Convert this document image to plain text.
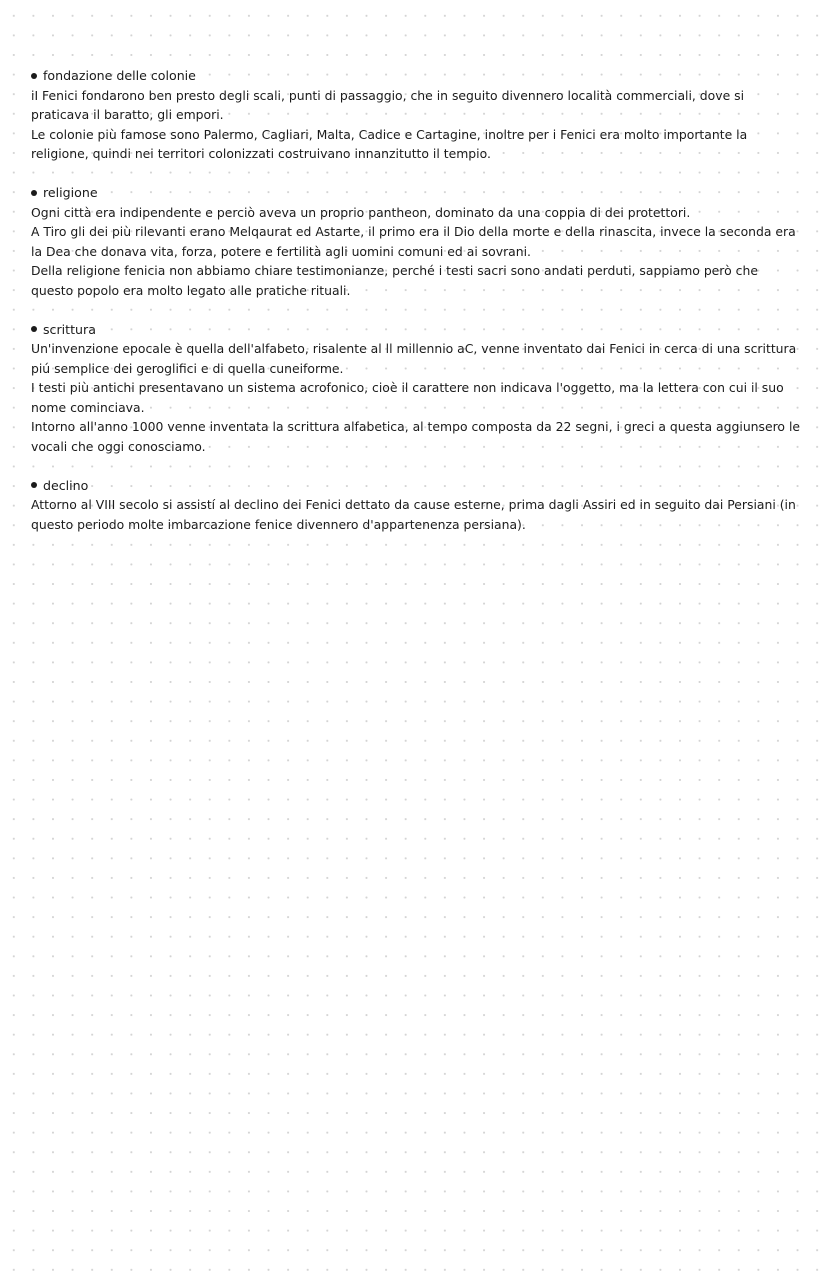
fondazione delle colonie

iI Fenici fondarono ben presto degli scali, punti di passaggio, che in seguito divennero località commerciali, dove si praticava il baratto, gli empori.

Le colonie più famose sono Palermo, Cagliari, Malta, Cadice e Cartagine, inoltre per i Fenici era molto importante la religione, quindi nei territori colonizzati costruivano innanzitutto il tempio.

religione

Ogni città era indipendente e perciò aveva un proprio pantheon, dominato da una coppia di dei protettori.

A Tiro gli dei più rilevanti erano Melqaurat ed Astarte, il primo era il Dio della morte e della rinascita, invece la seconda era la Dea che donava vita, forza, potere e fertilità agli uomini comuni ed ai sovrani.

Della religione fenicia non abbiamo chiare testimonianze, perché i testi sacri sono andati perduti, sappiamo però che questo popolo era molto legato alle pratiche rituali.

scrittura

Un'invenzione epocale è quella dell'alfabeto, risalente al ll millennio aC, venne inventato dai Fenici in cerca di una scrittura piú semplice dei geroglifici e di quella cuneiforme.

I testi più antichi presentavano un sistema acrofonico, cioè il carattere non indicava l'oggetto, ma la lettera con cui il suo nome cominciava.

Intorno all'anno 1000 venne inventata la scrittura alfabetica, al tempo composta da 22 segni, i greci a questa aggiunsero le vocali che oggi conosciamo.

declino

Attorno al VIII secolo si assistí al declino dei Fenici dettato da cause esterne, prima dagli Assiri ed in seguito dai Persiani (in questo periodo molte imbarcazione fenice divennero d'appartenenza persiana).
